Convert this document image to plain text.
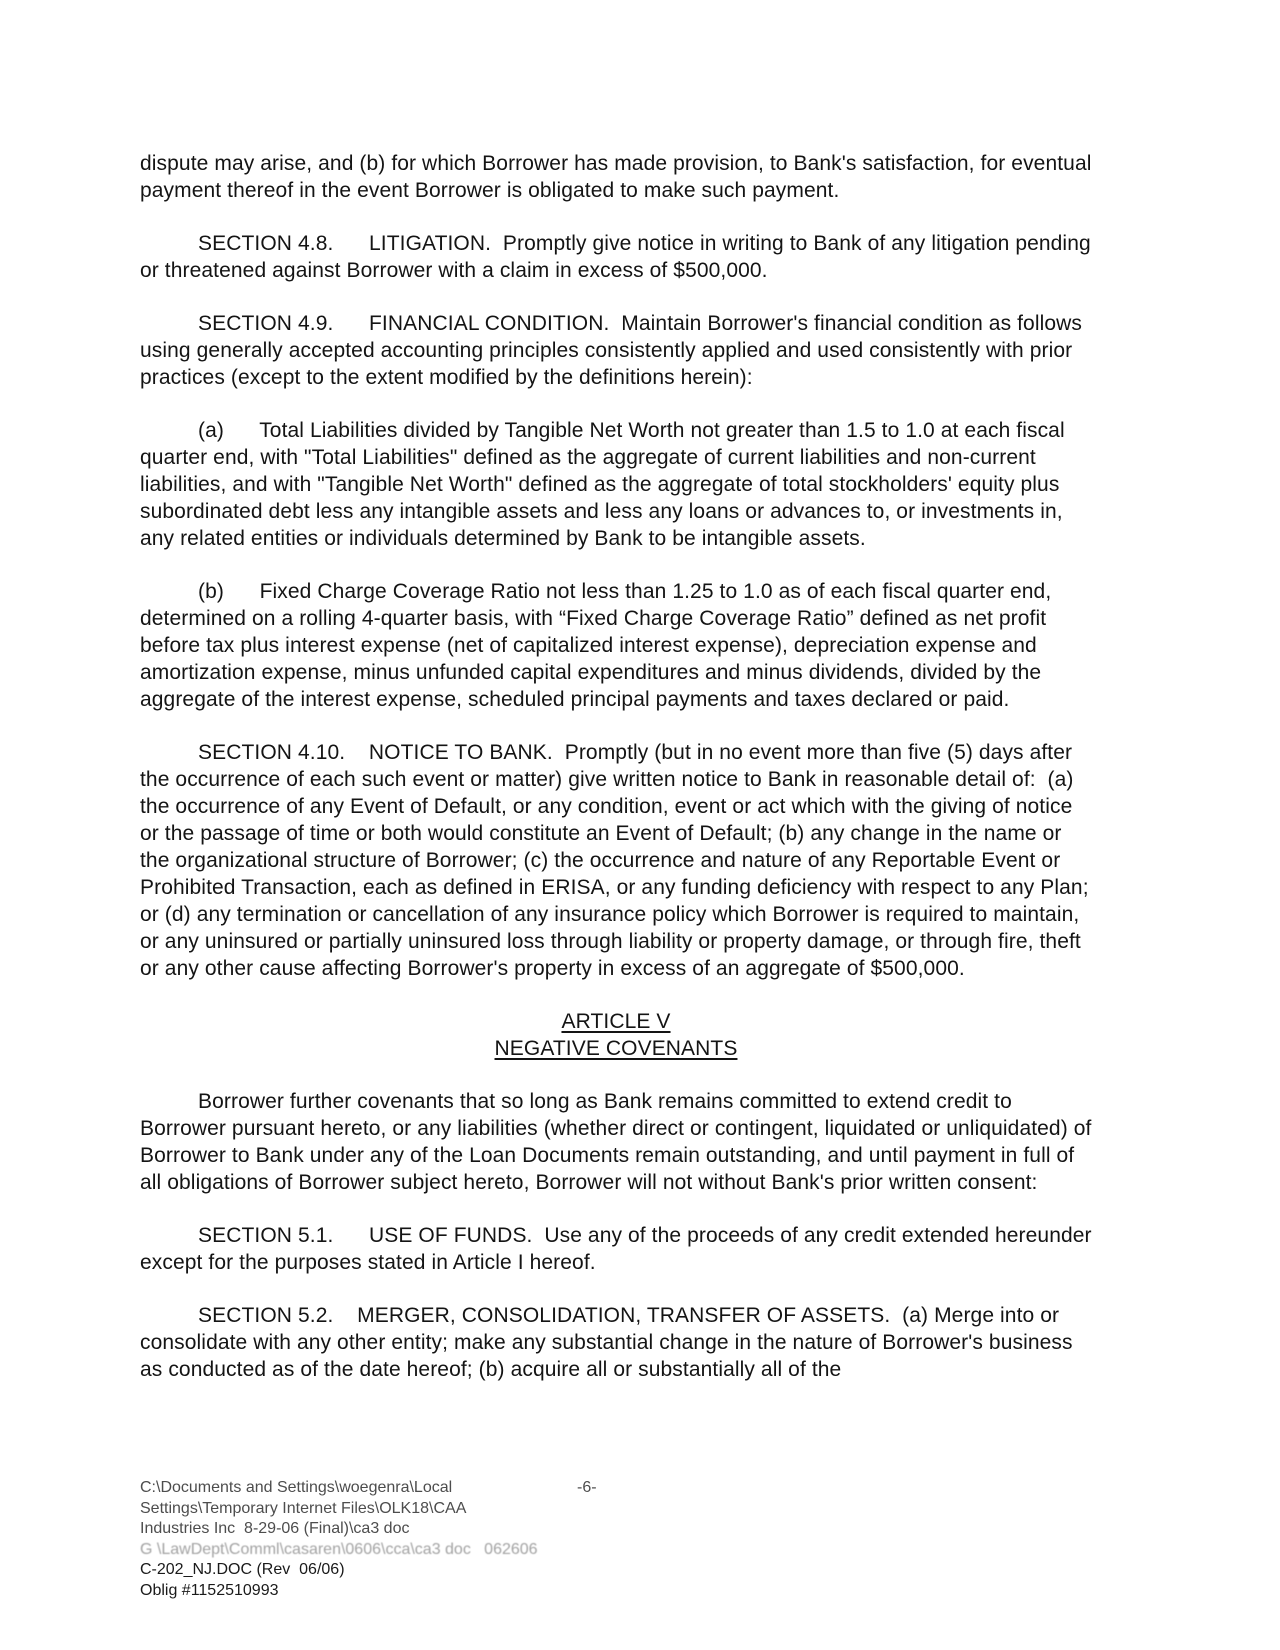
dispute may arise, and (b) for which Borrower has made provision, to Bank's satisfaction, for eventual payment thereof in the event Borrower is obligated to make such payment.
SECTION 4.8.      LITIGATION.  Promptly give notice in writing to Bank of any litigation pending or threatened against Borrower with a claim in excess of $500,000.
SECTION 4.9.      FINANCIAL CONDITION.  Maintain Borrower's financial condition as follows using generally accepted accounting principles consistently applied and used consistently with prior practices (except to the extent modified by the definitions herein):
(a)      Total Liabilities divided by Tangible Net Worth not greater than 1.5 to 1.0 at each fiscal quarter end, with "Total Liabilities" defined as the aggregate of current liabilities and non-current liabilities, and with "Tangible Net Worth" defined as the aggregate of total stockholders' equity plus subordinated debt less any intangible assets and less any loans or advances to, or investments in, any related entities or individuals determined by Bank to be intangible assets.
(b)      Fixed Charge Coverage Ratio not less than 1.25 to 1.0 as of each fiscal quarter end, determined on a rolling 4-quarter basis, with “Fixed Charge Coverage Ratio” defined as net profit before tax plus interest expense (net of capitalized interest expense), depreciation expense and amortization expense, minus unfunded capital expenditures and minus dividends, divided by the aggregate of the interest expense, scheduled principal payments and taxes declared or paid.
SECTION 4.10.    NOTICE TO BANK.  Promptly (but in no event more than five (5) days after the occurrence of each such event or matter) give written notice to Bank in reasonable detail of:  (a) the occurrence of any Event of Default, or any condition, event or act which with the giving of notice or the passage of time or both would constitute an Event of Default; (b) any change in the name or the organizational structure of Borrower; (c) the occurrence and nature of any Reportable Event or Prohibited Transaction, each as defined in ERISA, or any funding deficiency with respect to any Plan; or (d) any termination or cancellation of any insurance policy which Borrower is required to maintain, or any uninsured or partially uninsured loss through liability or property damage, or through fire, theft or any other cause affecting Borrower's property in excess of an aggregate of $500,000.
ARTICLE V
NEGATIVE COVENANTS
Borrower further covenants that so long as Bank remains committed to extend credit to Borrower pursuant hereto, or any liabilities (whether direct or contingent, liquidated or unliquidated) of Borrower to Bank under any of the Loan Documents remain outstanding, and until payment in full of all obligations of Borrower subject hereto, Borrower will not without Bank's prior written consent:
SECTION 5.1.      USE OF FUNDS.  Use any of the proceeds of any credit extended hereunder except for the purposes stated in Article I hereof.
SECTION 5.2.    MERGER, CONSOLIDATION, TRANSFER OF ASSETS.  (a) Merge into or consolidate with any other entity; make any substantial change in the nature of Borrower's business as conducted as of the date hereof; (b) acquire all or substantially all of the
-6-
C:\Documents and Settings\woegenra\Local
Settings\Temporary Internet Files\OLK18\CAA
Industries Inc  8-29-06 (Final)\ca3 doc
G \LawDept\Comml\casaren\0606\cca\ca3 doc   062606
C-202_NJ.DOC (Rev  06/06)
Oblig #1152510993
